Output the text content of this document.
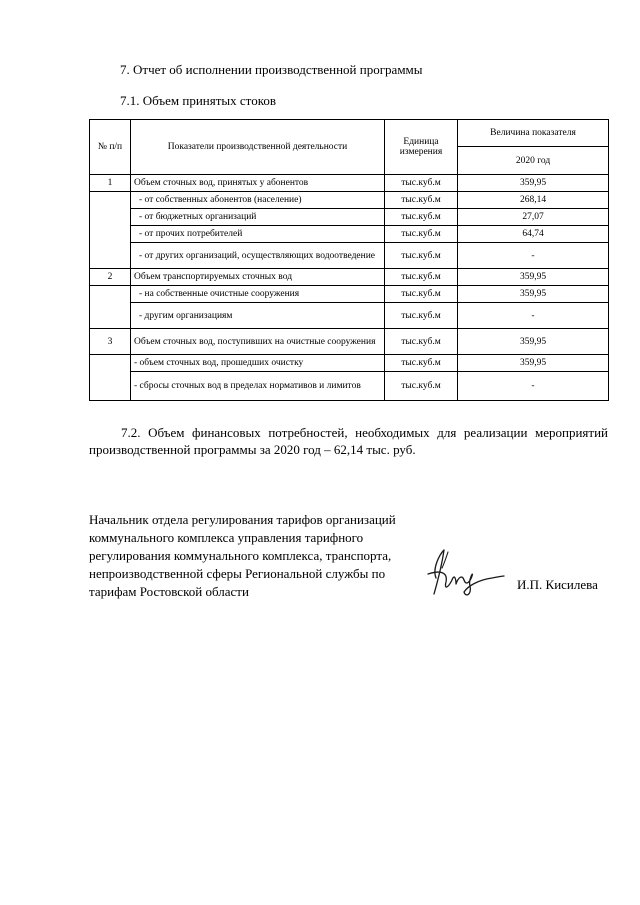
7. Отчет об исполнении производственной программы
7.1. Объем принятых стоков
№ п/п	Показатели производственной деятельности	Единица измерения	Величина показателя
			2020 год
1	Объем сточных вод, принятых у абонентов	тыс.куб.м	359,95
	- от собственных абонентов (население)	тыс.куб.м	268,14
	- от бюджетных организаций	тыс.куб.м	27,07
	- от прочих потребителей	тыс.куб.м	64,74
	- от других организаций, осуществляющих водоотведение	тыс.куб.м	-
2	Объем транспортируемых сточных вод	тыс.куб.м	359,95
	- на собственные очистные сооружения	тыс.куб.м	359,95
	- другим организациям	тыс.куб.м	-
3	Объем сточных вод, поступивших на очистные сооружения	тыс.куб.м	359,95
	- объем сточных вод, прошедших очистку	тыс.куб.м	359,95
	- сбросы сточных вод в пределах нормативов и лимитов	тыс.куб.м	-
7.2. Объем финансовых потребностей, необходимых для реализации мероприятий производственной программы за 2020 год – 62,14 тыс. руб.
Начальник отдела регулирования тарифов организаций
коммунального комплекса управления тарифного
регулирования коммунального комплекса, транспорта,
непроизводственной сферы Региональной службы по
тарифам Ростовской области	И.П. Кисилева
